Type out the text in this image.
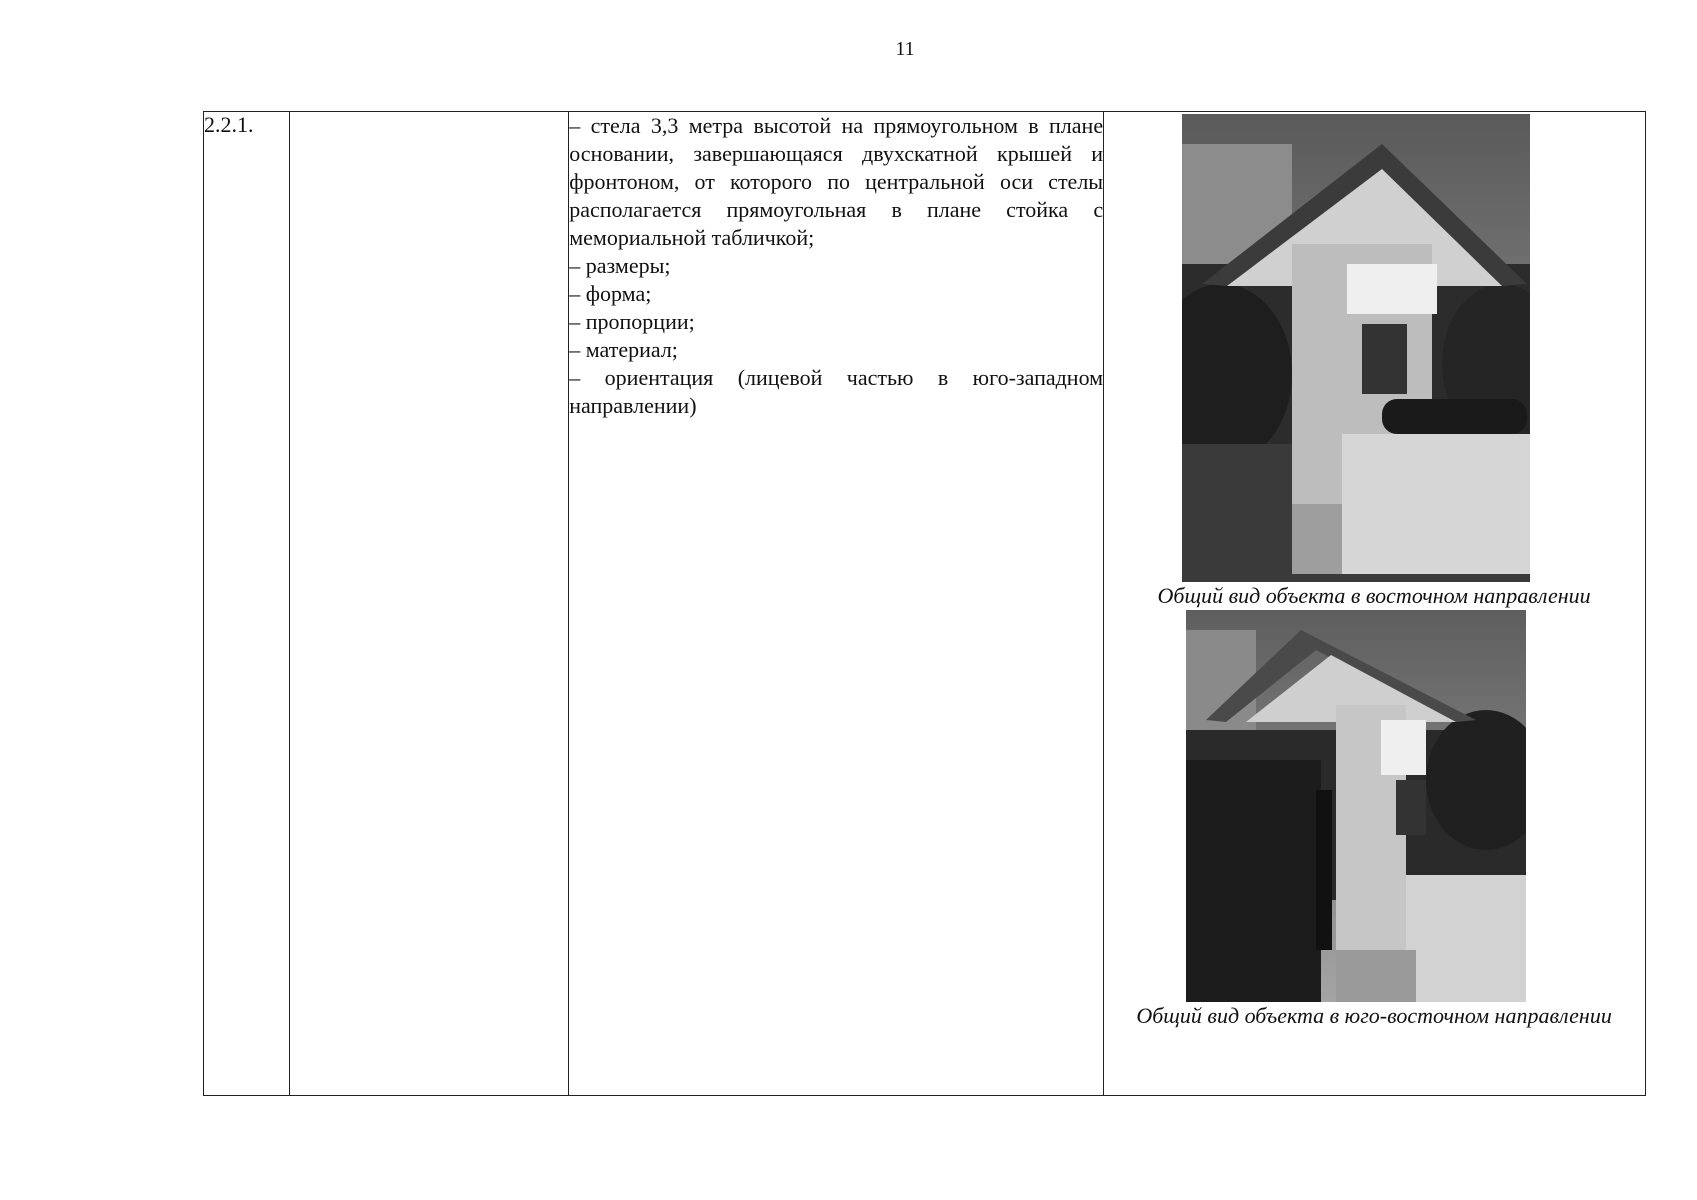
11
2.2.1.		– стела 3,3 метра высотой на прямоугольном в плане основании, завершающаяся двухскатной крышей и фронтоном, от которого по центральной оси стелы располагается прямоугольная в плане стойка с мемориальной табличкой;

– размеры;
– форма;
– пропорции;
– материал;
– ориентация (лицевой частью в юго-западном направлении)

Общий вид объекта в восточном направлении
Общий вид объекта в юго-восточном направлении
